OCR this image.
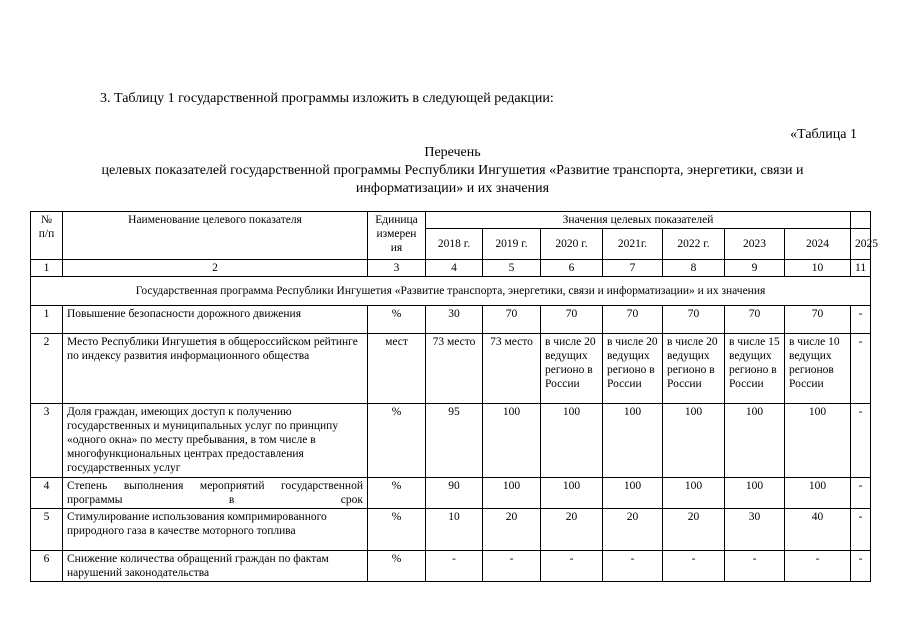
3. Таблицу 1 государственной программы изложить в следующей редакции:
«Таблица 1
Перечень
целевых показателей государственной программы Республики Ингушетия «Развитие транспорта, энергетики, связи и
информатизации» и их значения
№ п/п	Наименование целевого показателя	Единица измерен ия	Значения целевых показателей							
			2018 г.	2019 г.	2020 г.	2021г.	2022 г.	2023	2024	2025
1	2	3	4	5	6	7	8	9	10	11
Государственная программа Республики Ингушетия «Развитие транспорта, энергетики, связи и информатизации» и их значения										
1	Повышение безопасности дорожного движения	%	30	70	70	70	70	70	70	-
2	Место Республики Ингушетия в общероссийском рейтинге по индексу развития информационного общества	мест	73 место	73 место	в числе 20 ведущих регионо в России	в числе 20 ведущих регионо в России	в числе 20 ведущих регионо в России	в числе 15 ведущих регионо в России	в числе 10 ведущих регионов России	-
3	Доля граждан, имеющих доступ к получению государственных и муниципальных услуг по принципу «одного окна» по месту пребывания, в том числе в многофункциональных центрах предоставления государственных услуг	%	95	100	100	100	100	100	100	-
4	Степень выполнения мероприятий государственной программы в срок	%	90	100	100	100	100	100	100	-
5	Стимулирование использования компримированного природного газа в качестве моторного топлива	%	10	20	20	20	20	30	40	-
6	Снижение количества обращений граждан по фактам нарушений законодательства	%	-	-	-	-	-	-	-	-
